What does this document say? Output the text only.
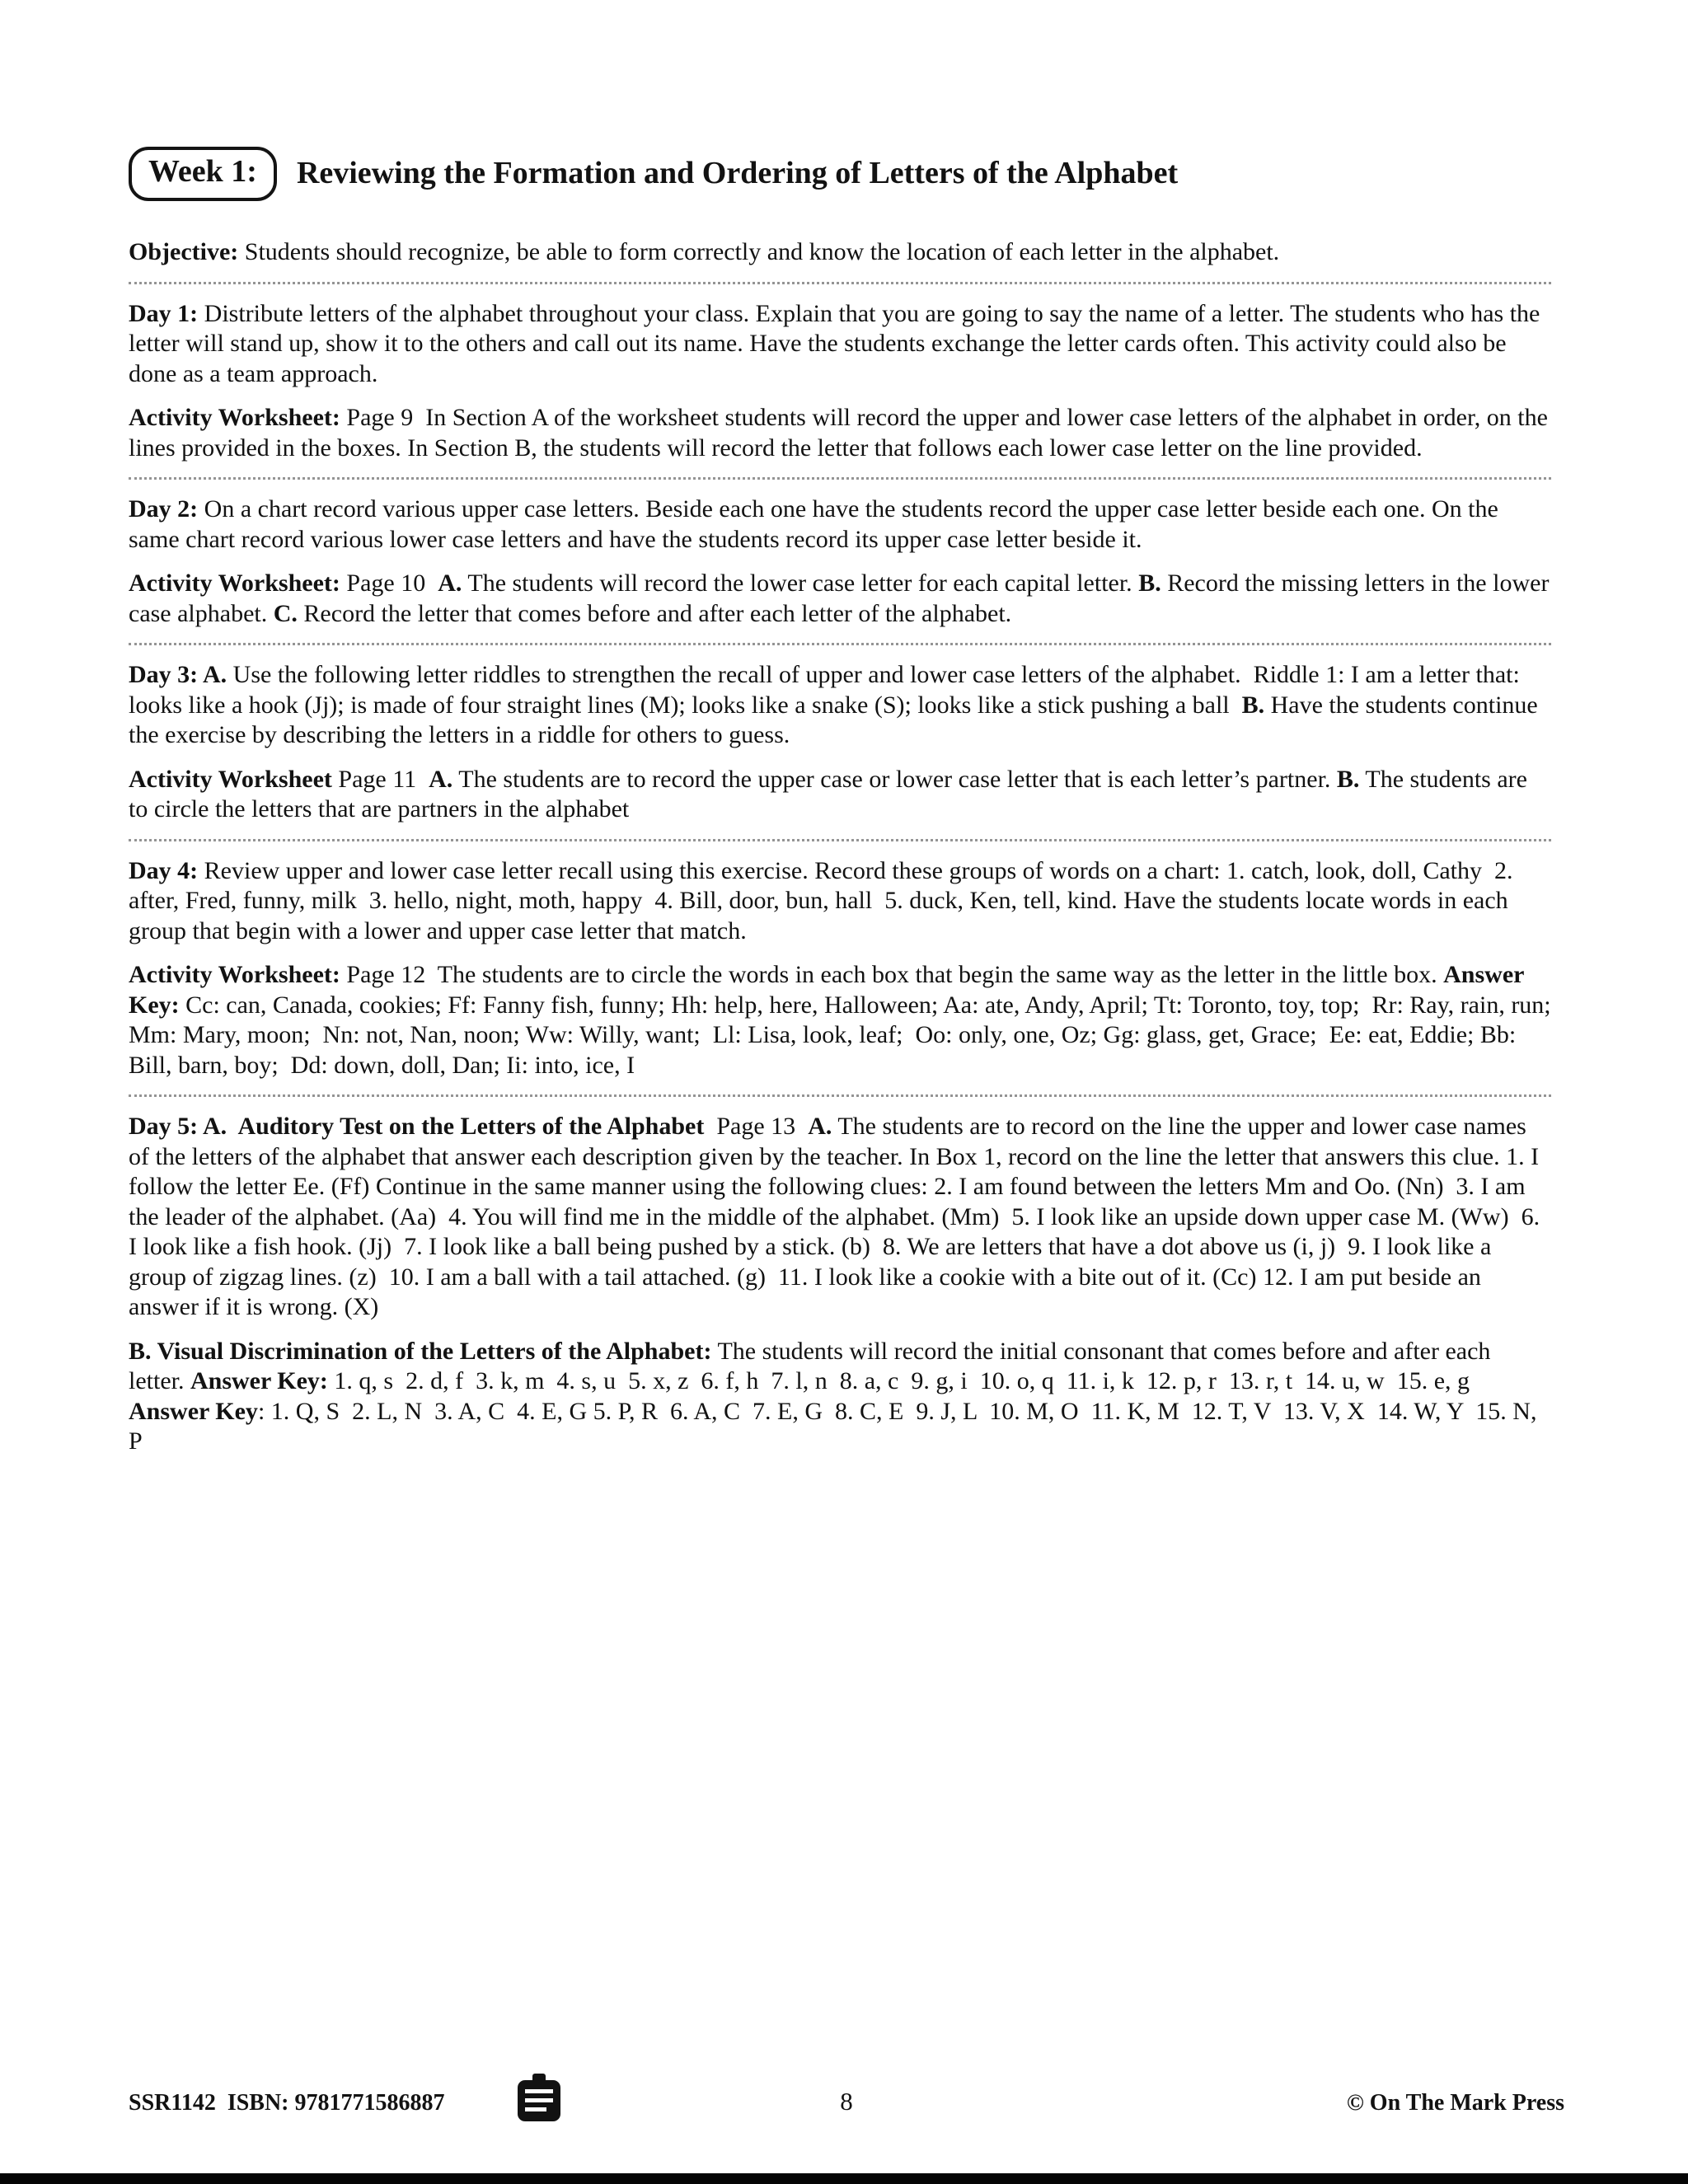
Week 1:	Reviewing the Formation and Ordering of Letters of the Alphabet

Objective: Students should recognize, be able to form correctly and know the location of each letter in the alphabet.

Day 1: Distribute letters of the alphabet throughout your class. Explain that you are going to say the name of a letter. The students who has the letter will stand up, show it to the others and call out its name. Have the students exchange the letter cards often. This activity could also be done as a team approach.

Activity Worksheet: Page 9  In Section A of the worksheet students will record the upper and lower case letters of the alphabet in order, on the lines provided in the boxes. In Section B, the students will record the letter that follows each lower case letter on the line provided.

Day 2: On a chart record various upper case letters. Beside each one have the students record the upper case letter beside each one. On the same chart record various lower case letters and have the students record its upper case letter beside it.

Activity Worksheet: Page 10  A. The students will record the lower case letter for each capital letter. B. Record the missing letters in the lower case alphabet. C. Record the letter that comes before and after each letter of the alphabet.

Day 3: A. Use the following letter riddles to strengthen the recall of upper and lower case letters of the alphabet.  Riddle 1: I am a letter that: looks like a hook (Jj); is made of four straight lines (M); looks like a snake (S); looks like a stick pushing a ball  B. Have the students continue the exercise by describing the letters in a riddle for others to guess.

Activity Worksheet Page 11  A. The students are to record the upper case or lower case letter that is each letter’s partner. B. The students are to circle the letters that are partners in the alphabet

Day 4: Review upper and lower case letter recall using this exercise. Record these groups of words on a chart: 1. catch, look, doll, Cathy  2. after, Fred, funny, milk  3. hello, night, moth, happy  4. Bill, door, bun, hall  5. duck, Ken, tell, kind. Have the students locate words in each group that begin with a lower and upper case letter that match.

Activity Worksheet: Page 12  The students are to circle the words in each box that begin the same way as the letter in the little box. Answer Key: Cc: can, Canada, cookies; Ff: Fanny fish, funny; Hh: help, here, Halloween; Aa: ate, Andy, April; Tt: Toronto, toy, top;  Rr: Ray, rain, run;  Mm: Mary, moon;  Nn: not, Nan, noon; Ww: Willy, want;  Ll: Lisa, look, leaf;  Oo: only, one, Oz; Gg: glass, get, Grace;  Ee: eat, Eddie; Bb: Bill, barn, boy;  Dd: down, doll, Dan; Ii: into, ice, I

Day 5: A.  Auditory Test on the Letters of the Alphabet  Page 13  A. The students are to record on the line the upper and lower case names of the letters of the alphabet that answer each description given by the teacher. In Box 1, record on the line the letter that answers this clue. 1. I follow the letter Ee. (Ff) Continue in the same manner using the following clues: 2. I am found between the letters Mm and Oo. (Nn)  3. I am the leader of the alphabet. (Aa)  4. You will find me in the middle of the alphabet. (Mm)  5. I look like an upside down upper case M. (Ww)  6. I look like a fish hook. (Jj)  7. I look like a ball being pushed by a stick. (b)  8. We are letters that have a dot above us (i, j)  9. I look like a group of zigzag lines. (z)  10. I am a ball with a tail attached. (g)  11. I look like a cookie with a bite out of it. (Cc) 12. I am put beside an answer if it is wrong. (X)

B. Visual Discrimination of the Letters of the Alphabet: The students will record the initial consonant that comes before and after each letter. Answer Key: 1. q, s  2. d, f  3. k, m  4. s, u  5. x, z  6. f, h  7. l, n  8. a, c  9. g, i  10. o, q  11. i, k  12. p, r  13. r, t  14. u, w  15. e, g   Answer Key: 1. Q, S  2. L, N  3. A, C  4. E, G 5. P, R  6. A, C  7. E, G  8. C, E  9. J, L  10. M, O  11. K, M  12. T, V  13. V, X  14. W, Y  15. N, P

SSR1142  ISBN: 9781771586887	8	© On The Mark Press
